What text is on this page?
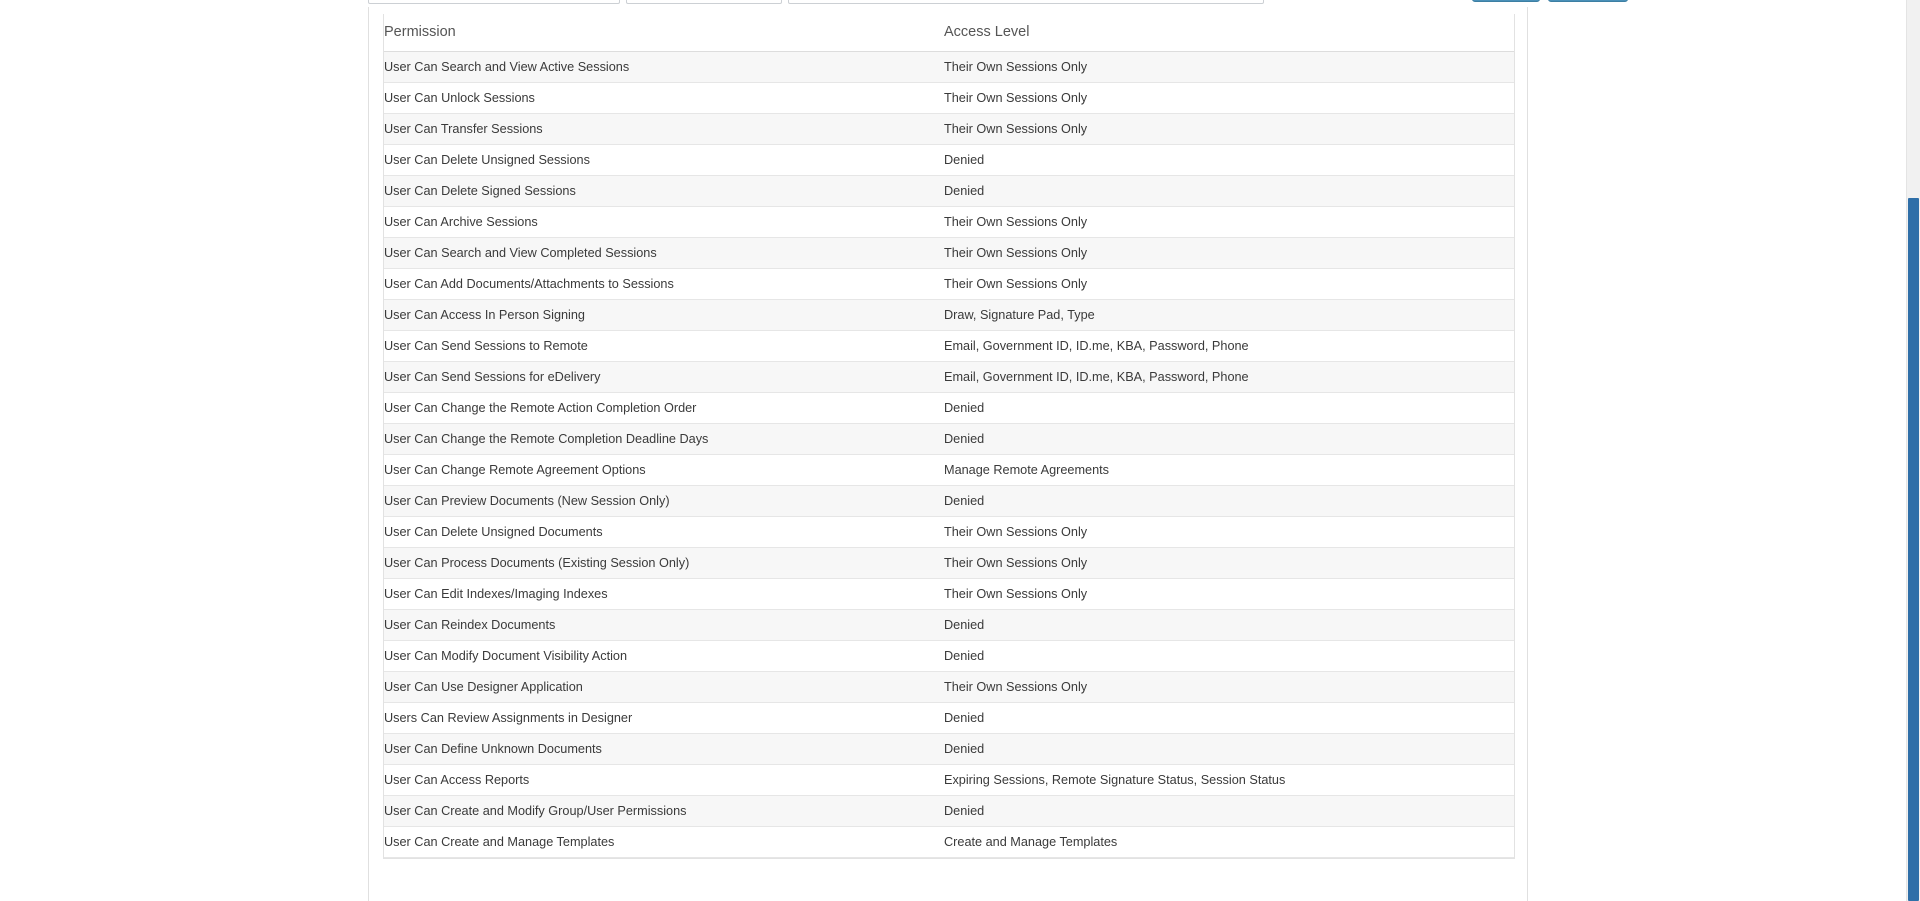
Permission	Access Level
User Can Search and View Active Sessions	Their Own Sessions Only
User Can Unlock Sessions	Their Own Sessions Only
User Can Transfer Sessions	Their Own Sessions Only
User Can Delete Unsigned Sessions	Denied
User Can Delete Signed Sessions	Denied
User Can Archive Sessions	Their Own Sessions Only
User Can Search and View Completed Sessions	Their Own Sessions Only
User Can Add Documents/Attachments to Sessions	Their Own Sessions Only
User Can Access In Person Signing	Draw, Signature Pad, Type
User Can Send Sessions to Remote	Email, Government ID, ID.me, KBA, Password, Phone
User Can Send Sessions for eDelivery	Email, Government ID, ID.me, KBA, Password, Phone
User Can Change the Remote Action Completion Order	Denied
User Can Change the Remote Completion Deadline Days	Denied
User Can Change Remote Agreement Options	Manage Remote Agreements
User Can Preview Documents (New Session Only)	Denied
User Can Delete Unsigned Documents	Their Own Sessions Only
User Can Process Documents (Existing Session Only)	Their Own Sessions Only
User Can Edit Indexes/Imaging Indexes	Their Own Sessions Only
User Can Reindex Documents	Denied
User Can Modify Document Visibility Action	Denied
User Can Use Designer Application	Their Own Sessions Only
Users Can Review Assignments in Designer	Denied
User Can Define Unknown Documents	Denied
User Can Access Reports	Expiring Sessions, Remote Signature Status, Session Status
User Can Create and Modify Group/User Permissions	Denied
User Can Create and Manage Templates	Create and Manage Templates
